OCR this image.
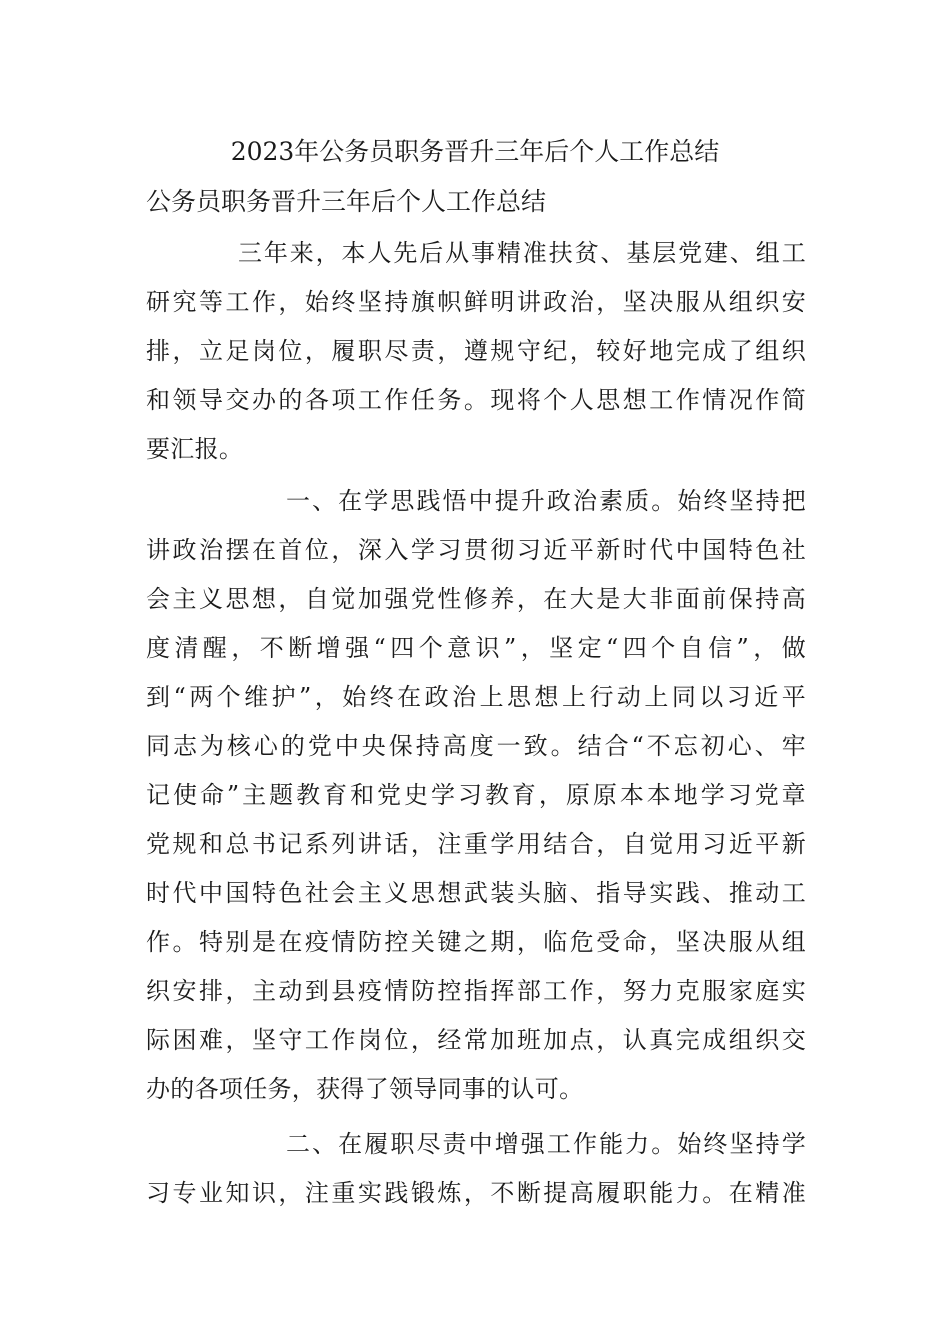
2023年公务员职务晋升三年后个人工作总结
公务员职务晋升三年后个人工作总结

三年来，本人先后从事精准扶贫、基层党建、组工
研究等工作，始终坚持旗帜鲜明讲政治，坚决服从组织安
排，立足岗位，履职尽责，遵规守纪，较好地完成了组织
和领导交办的各项工作任务。现将个人思想工作情况作简
要汇报。

一、在学思践悟中提升政治素质。始终坚持把
讲政治摆在首位，深入学习贯彻习近平新时代中国特色社
会主义思想，自觉加强党性修养，在大是大非面前保持高
度清醒，不断增强“四个意识”，坚定“四个自信”，做
到“两个维护”，始终在政治上思想上行动上同以习近平
同志为核心的党中央保持高度一致。结合“不忘初心、牢
记使命”主题教育和党史学习教育，原原本本地学习党章
党规和总书记系列讲话，注重学用结合，自觉用习近平新
时代中国特色社会主义思想武装头脑、指导实践、推动工
作。特别是在疫情防控关键之期，临危受命，坚决服从组
织安排，主动到县疫情防控指挥部工作，努力克服家庭实
际困难，坚守工作岗位，经常加班加点，认真完成组织交
办的各项任务，获得了领导同事的认可。

二、在履职尽责中增强工作能力。始终坚持学
习专业知识，注重实践锻炼，不断提高履职能力。在精准
